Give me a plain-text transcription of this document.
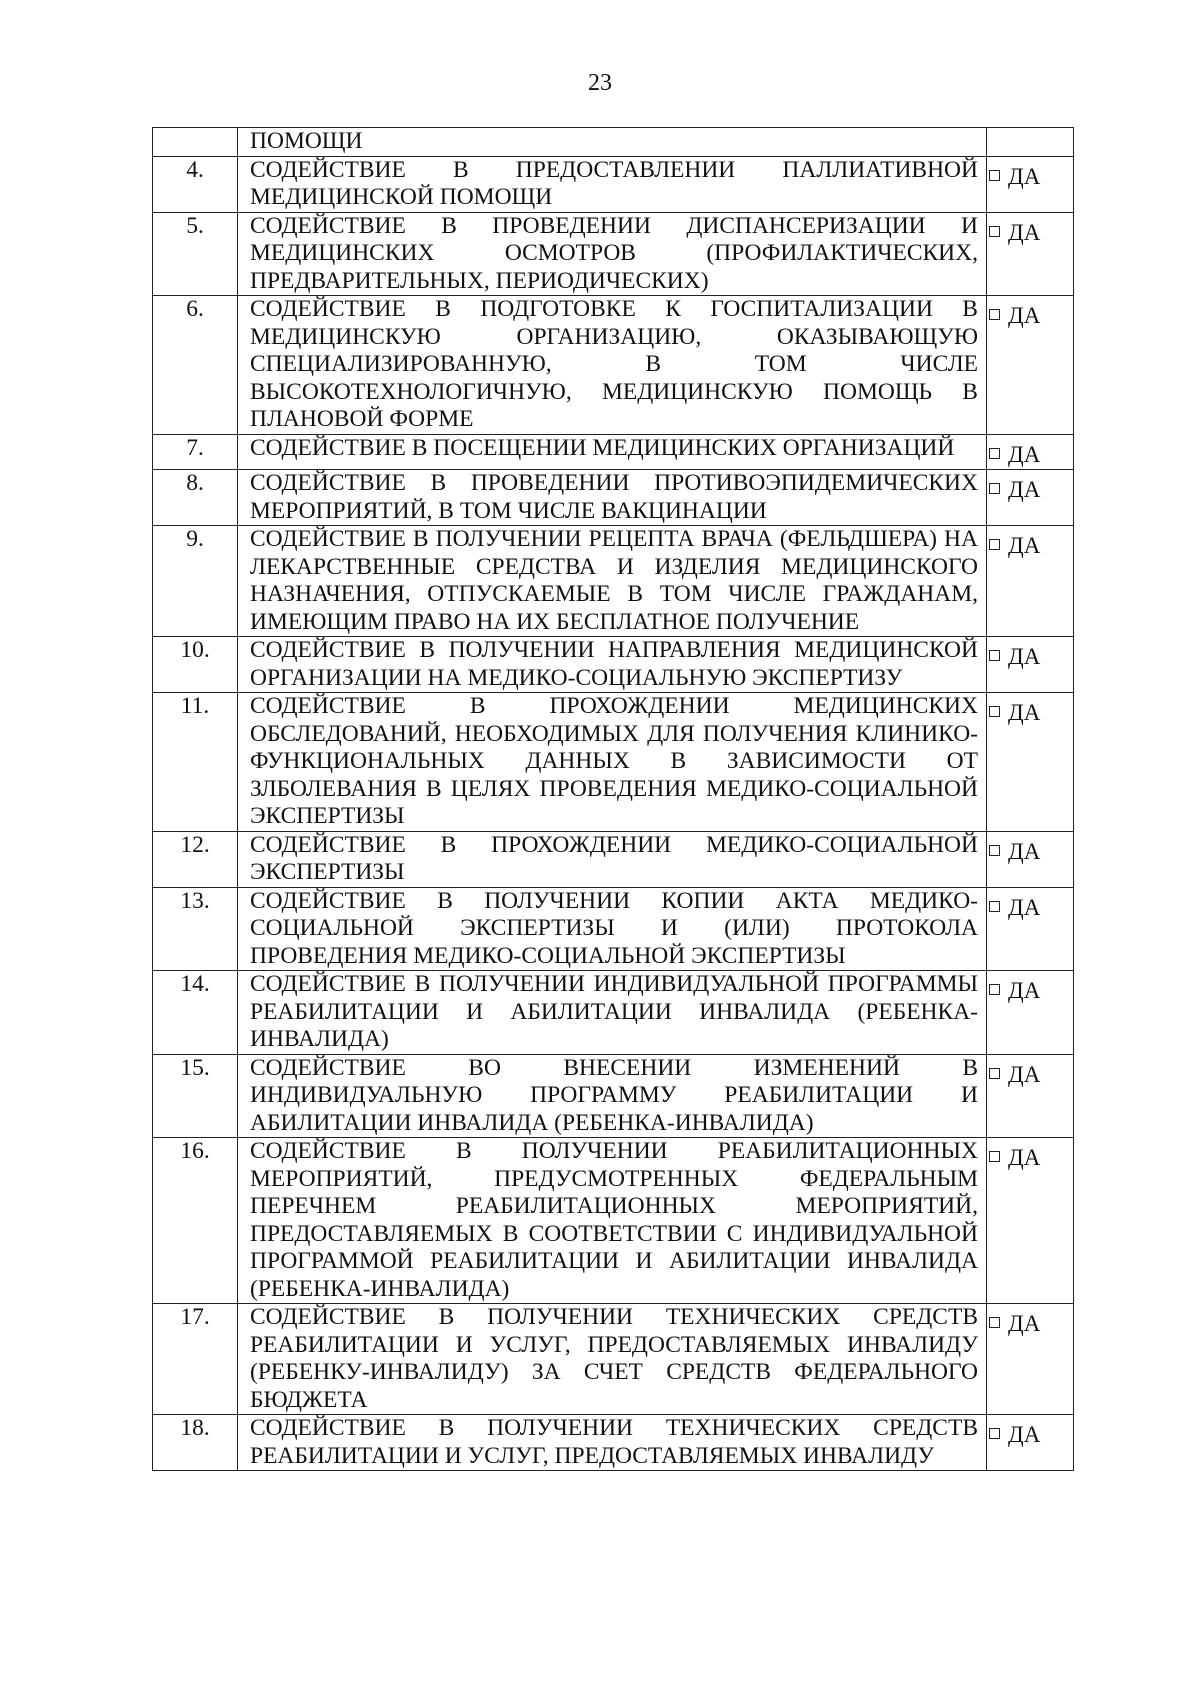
23

	ПОМОЩИ	

4.	СОДЕЙСТВИЕ В ПРЕДОСТАВЛЕНИИ ПАЛЛИАТИВНОЙ МЕДИЦИНСКОЙ ПОМОЩИ	ДА
5.	СОДЕЙСТВИЕ В ПРОВЕДЕНИИ ДИСПАНСЕРИЗАЦИИ И МЕДИЦИНСКИХ ОСМОТРОВ (ПРОФИЛАКТИЧЕСКИХ, ПРЕДВАРИТЕЛЬНЫХ, ПЕРИОДИЧЕСКИХ)	ДА
6.	СОДЕЙСТВИЕ В ПОДГОТОВКЕ К ГОСПИТАЛИЗАЦИИ В МЕДИЦИНСКУЮ ОРГАНИЗАЦИЮ, ОКАЗЫВАЮЩУЮ СПЕЦИАЛИЗИРОВАННУЮ, В ТОМ ЧИСЛЕ ВЫСОКОТЕХНОЛОГИЧНУЮ, МЕДИЦИНСКУЮ ПОМОЩЬ В ПЛАНОВОЙ ФОРМЕ	ДА
7.	СОДЕЙСТВИЕ В ПОСЕЩЕНИИ МЕДИЦИНСКИХ ОРГАНИЗАЦИЙ	ДА
8.	СОДЕЙСТВИЕ В ПРОВЕДЕНИИ ПРОТИВОЭПИДЕМИЧЕСКИХ МЕРОПРИЯТИЙ, В ТОМ ЧИСЛЕ ВАКЦИНАЦИИ	ДА
9.	СОДЕЙСТВИЕ В ПОЛУЧЕНИИ РЕЦЕПТА ВРАЧА (ФЕЛЬДШЕРА) НА ЛЕКАРСТВЕННЫЕ СРЕДСТВА И ИЗДЕЛИЯ МЕДИЦИНСКОГО НАЗНАЧЕНИЯ, ОТПУСКАЕМЫЕ В ТОМ ЧИСЛЕ ГРАЖДАНАМ, ИМЕЮЩИМ ПРАВО НА ИХ БЕСПЛАТНОЕ ПОЛУЧЕНИЕ	ДА
10.	СОДЕЙСТВИЕ В ПОЛУЧЕНИИ НАПРАВЛЕНИЯ МЕДИЦИНСКОЙ ОРГАНИЗАЦИИ НА МЕДИКО-СОЦИАЛЬНУЮ ЭКСПЕРТИЗУ	ДА
11.	СОДЕЙСТВИЕ В ПРОХОЖДЕНИИ МЕДИЦИНСКИХ ОБСЛЕДОВАНИЙ, НЕОБХОДИМЫХ ДЛЯ ПОЛУЧЕНИЯ КЛИНИКО-ФУНКЦИОНАЛЬНЫХ ДАННЫХ В ЗАВИСИМОСТИ ОТ ЗЛБОЛЕВАНИЯ В ЦЕЛЯХ ПРОВЕДЕНИЯ МЕДИКО-СОЦИАЛЬНОЙ ЭКСПЕРТИЗЫ	ДА
12.	СОДЕЙСТВИЕ В ПРОХОЖДЕНИИ МЕДИКО-СОЦИАЛЬНОЙ ЭКСПЕРТИЗЫ	ДА
13.	СОДЕЙСТВИЕ В ПОЛУЧЕНИИ КОПИИ АКТА МЕДИКО-СОЦИАЛЬНОЙ ЭКСПЕРТИЗЫ И (ИЛИ) ПРОТОКОЛА ПРОВЕДЕНИЯ МЕДИКО-СОЦИАЛЬНОЙ ЭКСПЕРТИЗЫ	ДА
14.	СОДЕЙСТВИЕ В ПОЛУЧЕНИИ ИНДИВИДУАЛЬНОЙ ПРОГРАММЫ РЕАБИЛИТАЦИИ И АБИЛИТАЦИИ ИНВАЛИДА (РЕБЕНКА-ИНВАЛИДА)	ДА
15.	СОДЕЙСТВИЕ ВО ВНЕСЕНИИ ИЗМЕНЕНИЙ В ИНДИВИДУАЛЬНУЮ ПРОГРАММУ РЕАБИЛИТАЦИИ И АБИЛИТАЦИИ ИНВАЛИДА (РЕБЕНКА-ИНВАЛИДА)	ДА
16.	СОДЕЙСТВИЕ В ПОЛУЧЕНИИ РЕАБИЛИТАЦИОННЫХ МЕРОПРИЯТИЙ, ПРЕДУСМОТРЕННЫХ ФЕДЕРАЛЬНЫМ ПЕРЕЧНЕМ РЕАБИЛИТАЦИОННЫХ МЕРОПРИЯТИЙ, ПРЕДОСТАВЛЯЕМЫХ В СООТВЕТСТВИИ С ИНДИВИДУАЛЬНОЙ ПРОГРАММОЙ РЕАБИЛИТАЦИИ И АБИЛИТАЦИИ ИНВАЛИДА (РЕБЕНКА-ИНВАЛИДА)	ДА
17.	СОДЕЙСТВИЕ В ПОЛУЧЕНИИ ТЕХНИЧЕСКИХ СРЕДСТВ РЕАБИЛИТАЦИИ И УСЛУГ, ПРЕДОСТАВЛЯЕМЫХ ИНВАЛИДУ (РЕБЕНКУ-ИНВАЛИДУ) ЗА СЧЕТ СРЕДСТВ ФЕДЕРАЛЬНОГО БЮДЖЕТА	ДА
18.	СОДЕЙСТВИЕ В ПОЛУЧЕНИИ ТЕХНИЧЕСКИХ СРЕДСТВ РЕАБИЛИТАЦИИ И УСЛУГ, ПРЕДОСТАВЛЯЕМЫХ ИНВАЛИДУ	ДА
